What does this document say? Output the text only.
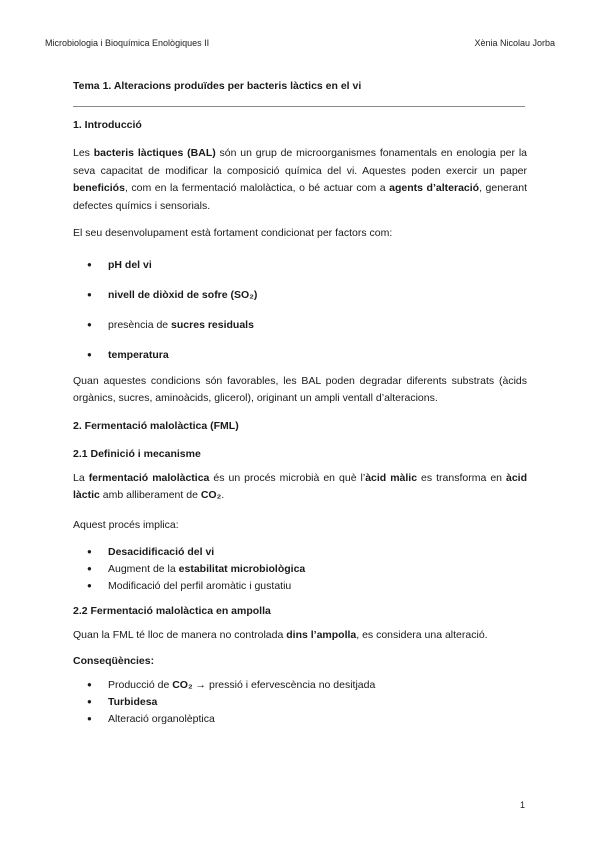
Microbiologia i Bioquímica Enològiques II	Xènia Nicolau Jorba

Tema 1. Alteracions produïdes per bacteris làctics en el vi

1. Introducció

Les bacteris làctiques (BAL) són un grup de microorganismes fonamentals en enologia per la seva capacitat de modificar la composició química del vi. Aquestes poden exercir un paper beneficiós, com en la fermentació malolàctica, o bé actuar com a agents d’alteració, generant defectes químics i sensorials.

El seu desenvolupament està fortament condicionat per factors com:

● pH del vi
● nivell de diòxid de sofre (SO₂)
● presència de sucres residuals
● temperatura

Quan aquestes condicions són favorables, les BAL poden degradar diferents substrats (àcids orgànics, sucres, aminoàcids, glicerol), originant un ampli ventall d’alteracions.

2. Fermentació malolàctica (FML)

2.1 Definició i mecanisme

La fermentació malolàctica és un procés microbià en què l’àcid màlic es transforma en àcid làctic amb alliberament de CO₂.

Aquest procés implica:

● Desacidificació del vi
● Augment de la estabilitat microbiològica
● Modificació del perfil aromàtic i gustatiu

2.2 Fermentació malolàctica en ampolla

Quan la FML té lloc de manera no controlada dins l’ampolla, es considera una alteració.

Conseqüències:

● Producció de CO₂ → pressió i efervescència no desitjada
● Turbidesa
● Alteració organolèptica
1
